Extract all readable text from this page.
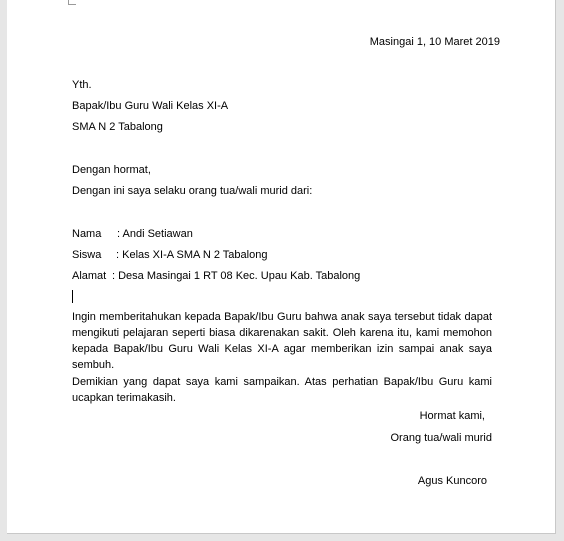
Masingai 1, 10 Maret 2019
Yth.
Bapak/Ibu Guru Wali Kelas XI-A
SMA N 2 Tabalong
Dengan hormat,
Dengan ini saya selaku orang tua/wali murid dari:
Nama : Andi Setiawan
Siswa : Kelas XI-A SMA N 2 Tabalong
Alamat : Desa Masingai 1 RT 08 Kec. Upau Kab. Tabalong
Ingin memberitahukan kepada Bapak/Ibu Guru bahwa anak saya tersebut tidak dapat mengikuti pelajaran seperti biasa dikarenakan sakit. Oleh karena itu, kami memohon kepada Bapak/Ibu Guru Wali Kelas XI-A agar memberikan izin sampai anak saya sembuh.
Demikian yang dapat saya kami sampaikan. Atas perhatian Bapak/Ibu Guru kami ucapkan terimakasih.
Hormat kami,
Orang tua/wali murid
Agus Kuncoro
